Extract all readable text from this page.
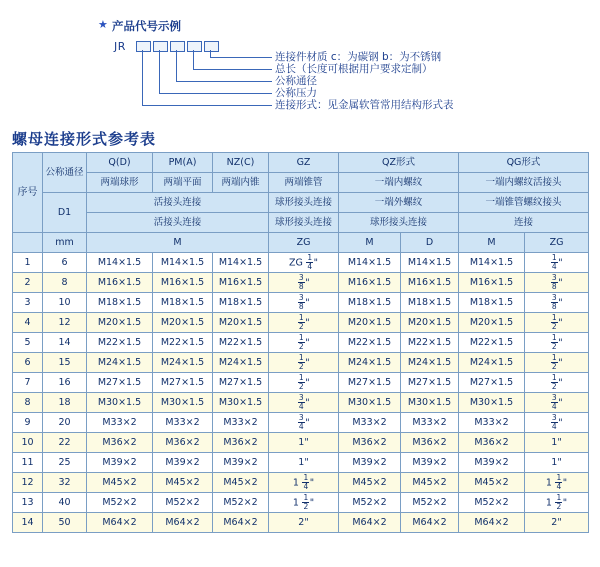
★ 产品代号示例
JR
连接件材质 c：为碳钢 b：为不锈钢
总长（长度可根据用户要求定制）
公称通径
公称压力
连接形式：见金属软管常用结构形式表
螺母连接形式参考表
序号	公称通径	Q(D)	PM(A)	NZ(C)	GZ	QZ形式		QG形式	
		两端球形	两端平面	两端内锥	两端锥管	一端内螺纹		一端内螺纹活接头	
	D1	活接头连接			球形接头连接	一端外螺纹		一端锥管螺纹接头	
		活接头连接			球形接头连接	球形接头连接		连接	
	mm	M			ZG	M	D	M	ZG
1	6	M14×1.5	M14×1.5	M14×1.5	ZG $\frac{1}{4}$ "	M14×1.5	M14×1.5	M14×1.5	$\frac{1}{4}$ "
2	8	M16×1.5	M16×1.5	M16×1.5	$\frac{3}{8}$ "	M16×1.5	M16×1.5	M16×1.5	$\frac{3}{8}$ "
3	10	M18×1.5	M18×1.5	M18×1.5	$\frac{3}{8}$ "	M18×1.5	M18×1.5	M18×1.5	$\frac{3}{8}$ "
4	12	M20×1.5	M20×1.5	M20×1.5	$\frac{1}{2}$ "	M20×1.5	M20×1.5	M20×1.5	$\frac{1}{2}$ "
5	14	M22×1.5	M22×1.5	M22×1.5	$\frac{1}{2}$ "	M22×1.5	M22×1.5	M22×1.5	$\frac{1}{2}$ "
6	15	M24×1.5	M24×1.5	M24×1.5	$\frac{1}{2}$ "	M24×1.5	M24×1.5	M24×1.5	$\frac{1}{2}$ "
7	16	M27×1.5	M27×1.5	M27×1.5	$\frac{1}{2}$ "	M27×1.5	M27×1.5	M27×1.5	$\frac{1}{2}$ "
8	18	M30×1.5	M30×1.5	M30×1.5	$\frac{3}{4}$ "	M30×1.5	M30×1.5	M30×1.5	$\frac{3}{4}$ "
9	20	M33×2	M33×2	M33×2	$\frac{3}{4}$ "	M33×2	M33×2	M33×2	$\frac{3}{4}$ "
10	22	M36×2	M36×2	M36×2	1"	M36×2	M36×2	M36×2	1"
11	25	M39×2	M39×2	M39×2	1"	M39×2	M39×2	M39×2	1"
12	32	M45×2	M45×2	M45×2	$1 \frac{1}{4}$ "	M45×2	M45×2	M45×2	$1 \frac{1}{4}$ "
13	40	M52×2	M52×2	M52×2	$1 \frac{1}{2}$ "	M52×2	M52×2	M52×2	$1 \frac{1}{2}$ "
14	50	M64×2	M64×2	M64×2	2"	M64×2	M64×2	M64×2	2"
